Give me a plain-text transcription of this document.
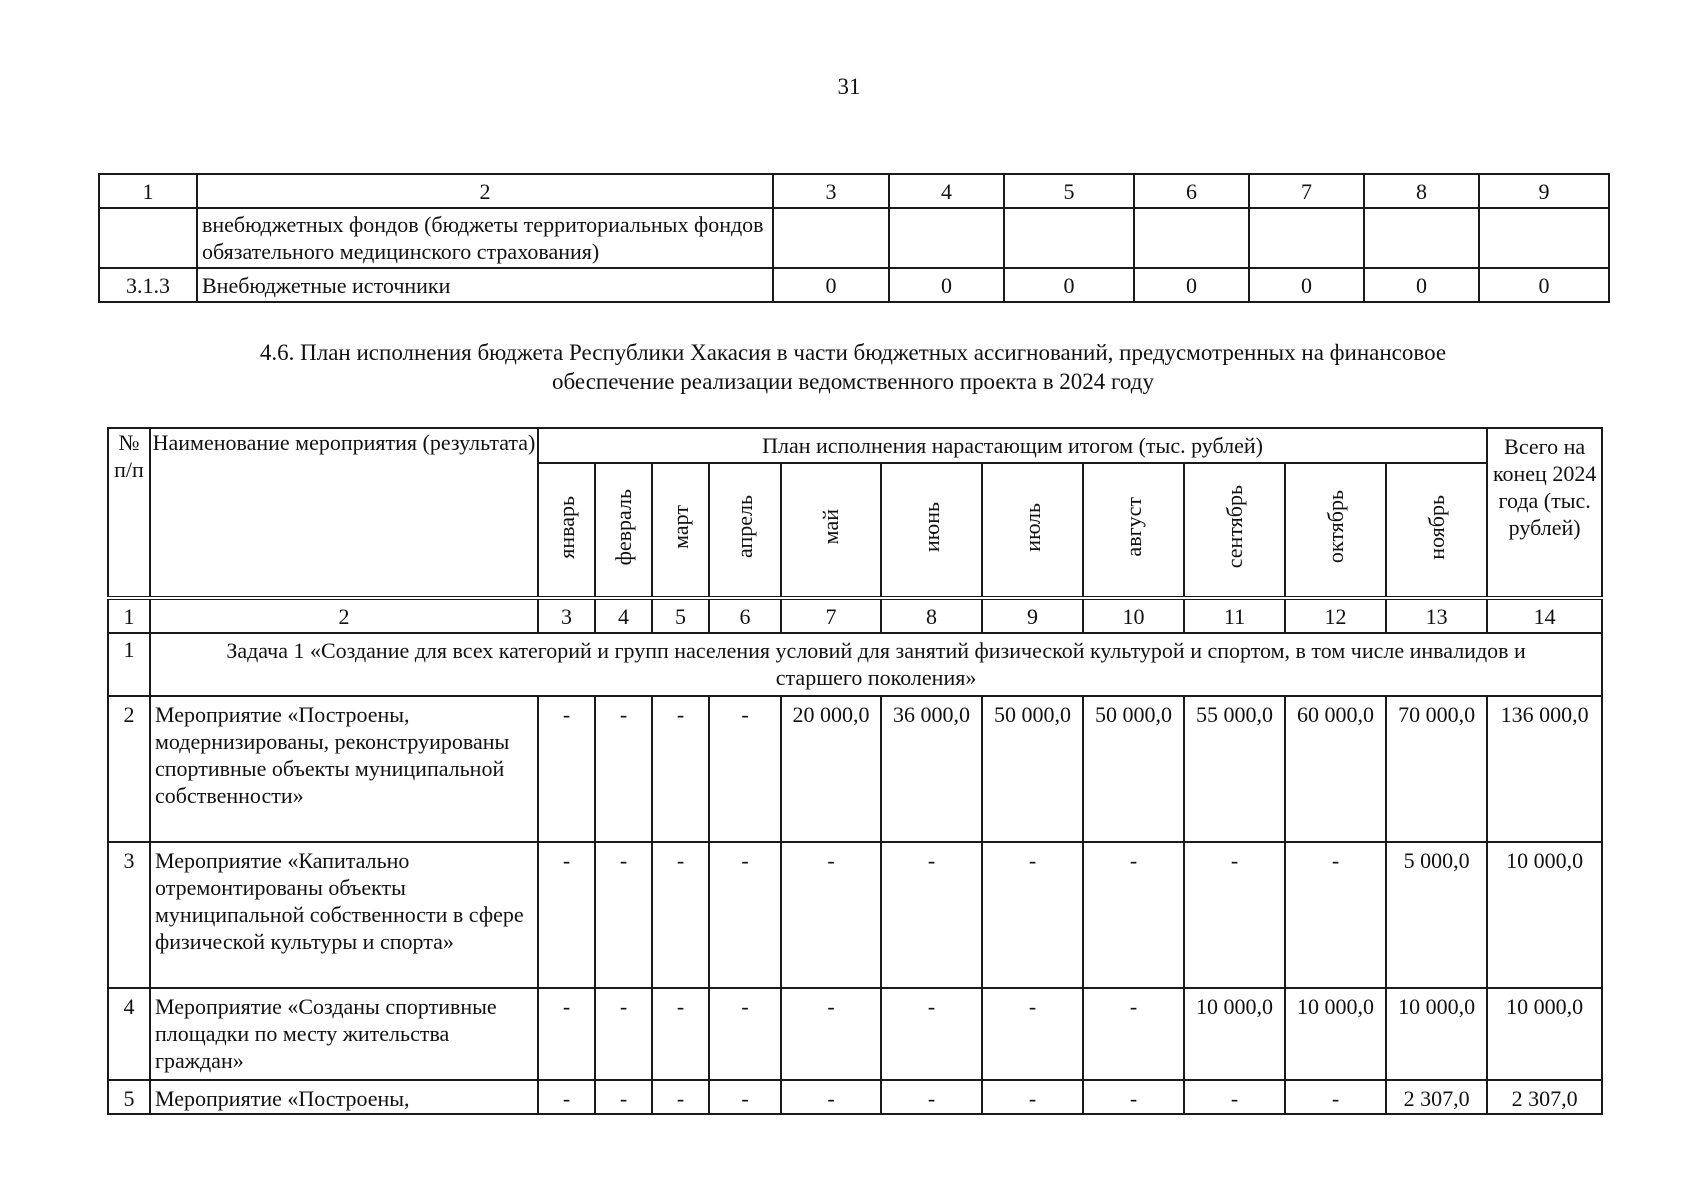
31
1	2	3	4	5	6	7	8	9
	внебюджетных фондов (бюджеты территориальных фондов обязательного медицинского страхования)							
3.1.3	Внебюджетные источники	0	0	0	0	0	0	0
4.6. План исполнения бюджета Республики Хакасия в части бюджетных ассигнований, предусмотренных на финансовое
обеспечение реализации ведомственного проекта в 2024 году
№ п/п	Наименование мероприятия (результата)	План исполнения нарастающим итогом (тыс. рублей)											Всего на конец 2024 года (тыс. рублей)
		январь	февраль	март	апрель	май	июнь	июль	август	сентябрь	октябрь	ноябрь	
1	2	3	4	5	6	7	8	9	10	11	12	13	14
1	Задача 1 «Создание для всех категорий и групп населения условий для занятий физической культурой и спортом, в том числе инвалидов и старшего поколения»												
2	Мероприятие «Построены, модернизированы, реконструированы спортивные объекты муниципальной собственности»	-	-	-	-	20 000,0	36 000,0	50 000,0	50 000,0	55 000,0	60 000,0	70 000,0	136 000,0
3	Мероприятие «Капитально отремонтированы объекты муниципальной собственности в сфере физической культуры и спорта»	-	-	-	-	-	-	-	-	-	-	5 000,0	10 000,0
4	Мероприятие «Созданы спортивные площадки по месту жительства граждан»	-	-	-	-	-	-	-	-	10 000,0	10 000,0	10 000,0	10 000,0
5	Мероприятие «Построены,	-	-	-	-	-	-	-	-	-	-	2 307,0	2 307,0
